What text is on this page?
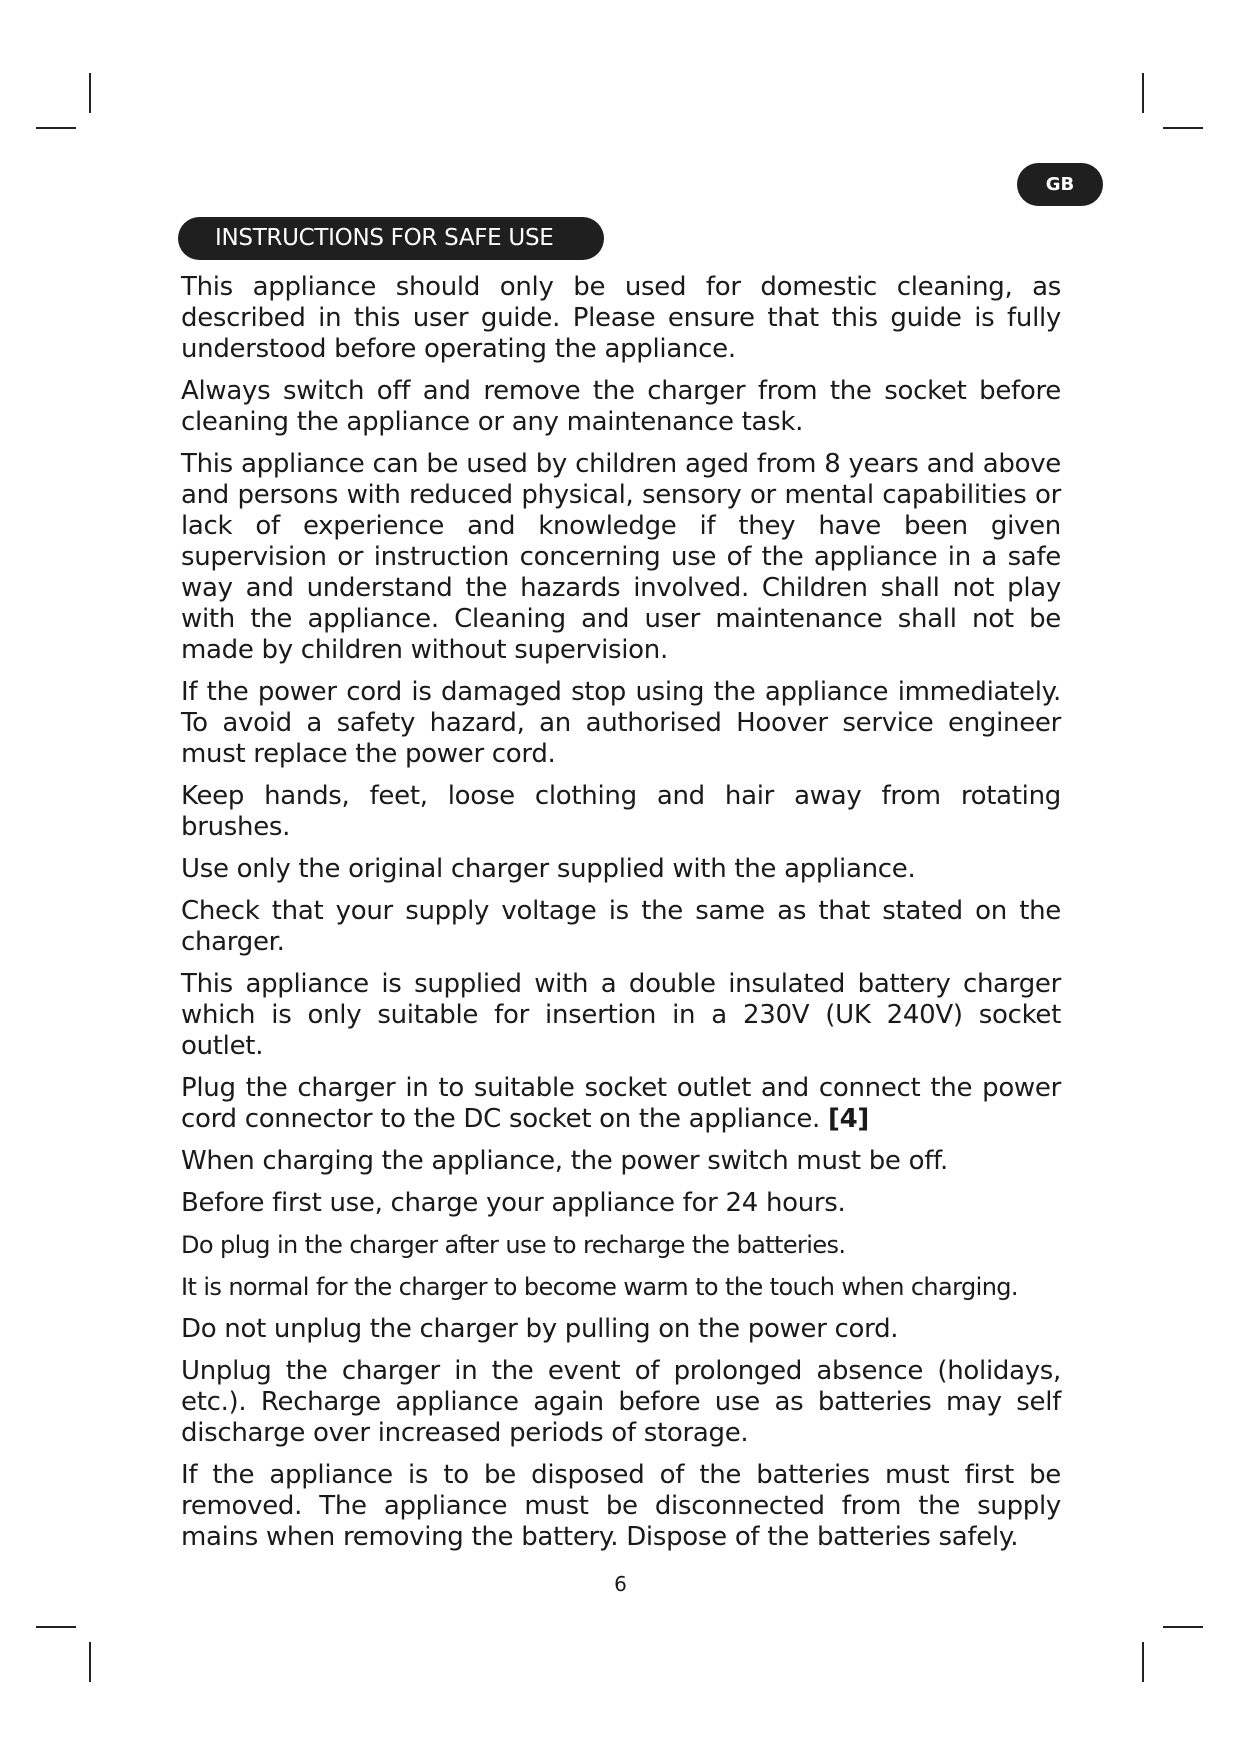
GB
INSTRUCTIONS FOR SAFE USE

This appliance should only be used for domestic cleaning, as described in this user guide. Please ensure that this guide is fully understood before operating the appliance.

Always switch off and remove the charger from the socket before cleaning the appliance or any maintenance task.

This appliance can be used by children aged from 8 years and above and persons with reduced physical, sensory or mental capabilities or lack of experience and knowledge if they have been given supervision or instruction concerning use of the appliance in a safe way and understand the hazards involved. Children shall not play with the appliance. Cleaning and user maintenance shall not be made by children without supervision.

If the power cord is damaged stop using the appliance immediately. To avoid a safety hazard, an authorised Hoover service engineer must replace the power cord.

Keep hands, feet, loose clothing and hair away from rotating brushes.

Use only the original charger supplied with the appliance.

Check that your supply voltage is the same as that stated on the charger.

This appliance is supplied with a double insulated battery charger which is only suitable for insertion in a 230V (UK 240V) socket outlet.

Plug the charger in to suitable socket outlet and connect the power cord connector to the DC socket on the appliance. [4]

When charging the appliance, the power switch must be off.

Before first use, charge your appliance for 24 hours.

Do plug in the charger after use to recharge the batteries.

It is normal for the charger to become warm to the touch when charging.

Do not unplug the charger by pulling on the power cord.

Unplug the charger in the event of prolonged absence (holidays, etc.). Recharge appliance again before use as batteries may self discharge over increased periods of storage.

If the appliance is to be disposed of the batteries must first be removed. The appliance must be disconnected from the supply mains when removing the battery. Dispose of the batteries safely.

6
